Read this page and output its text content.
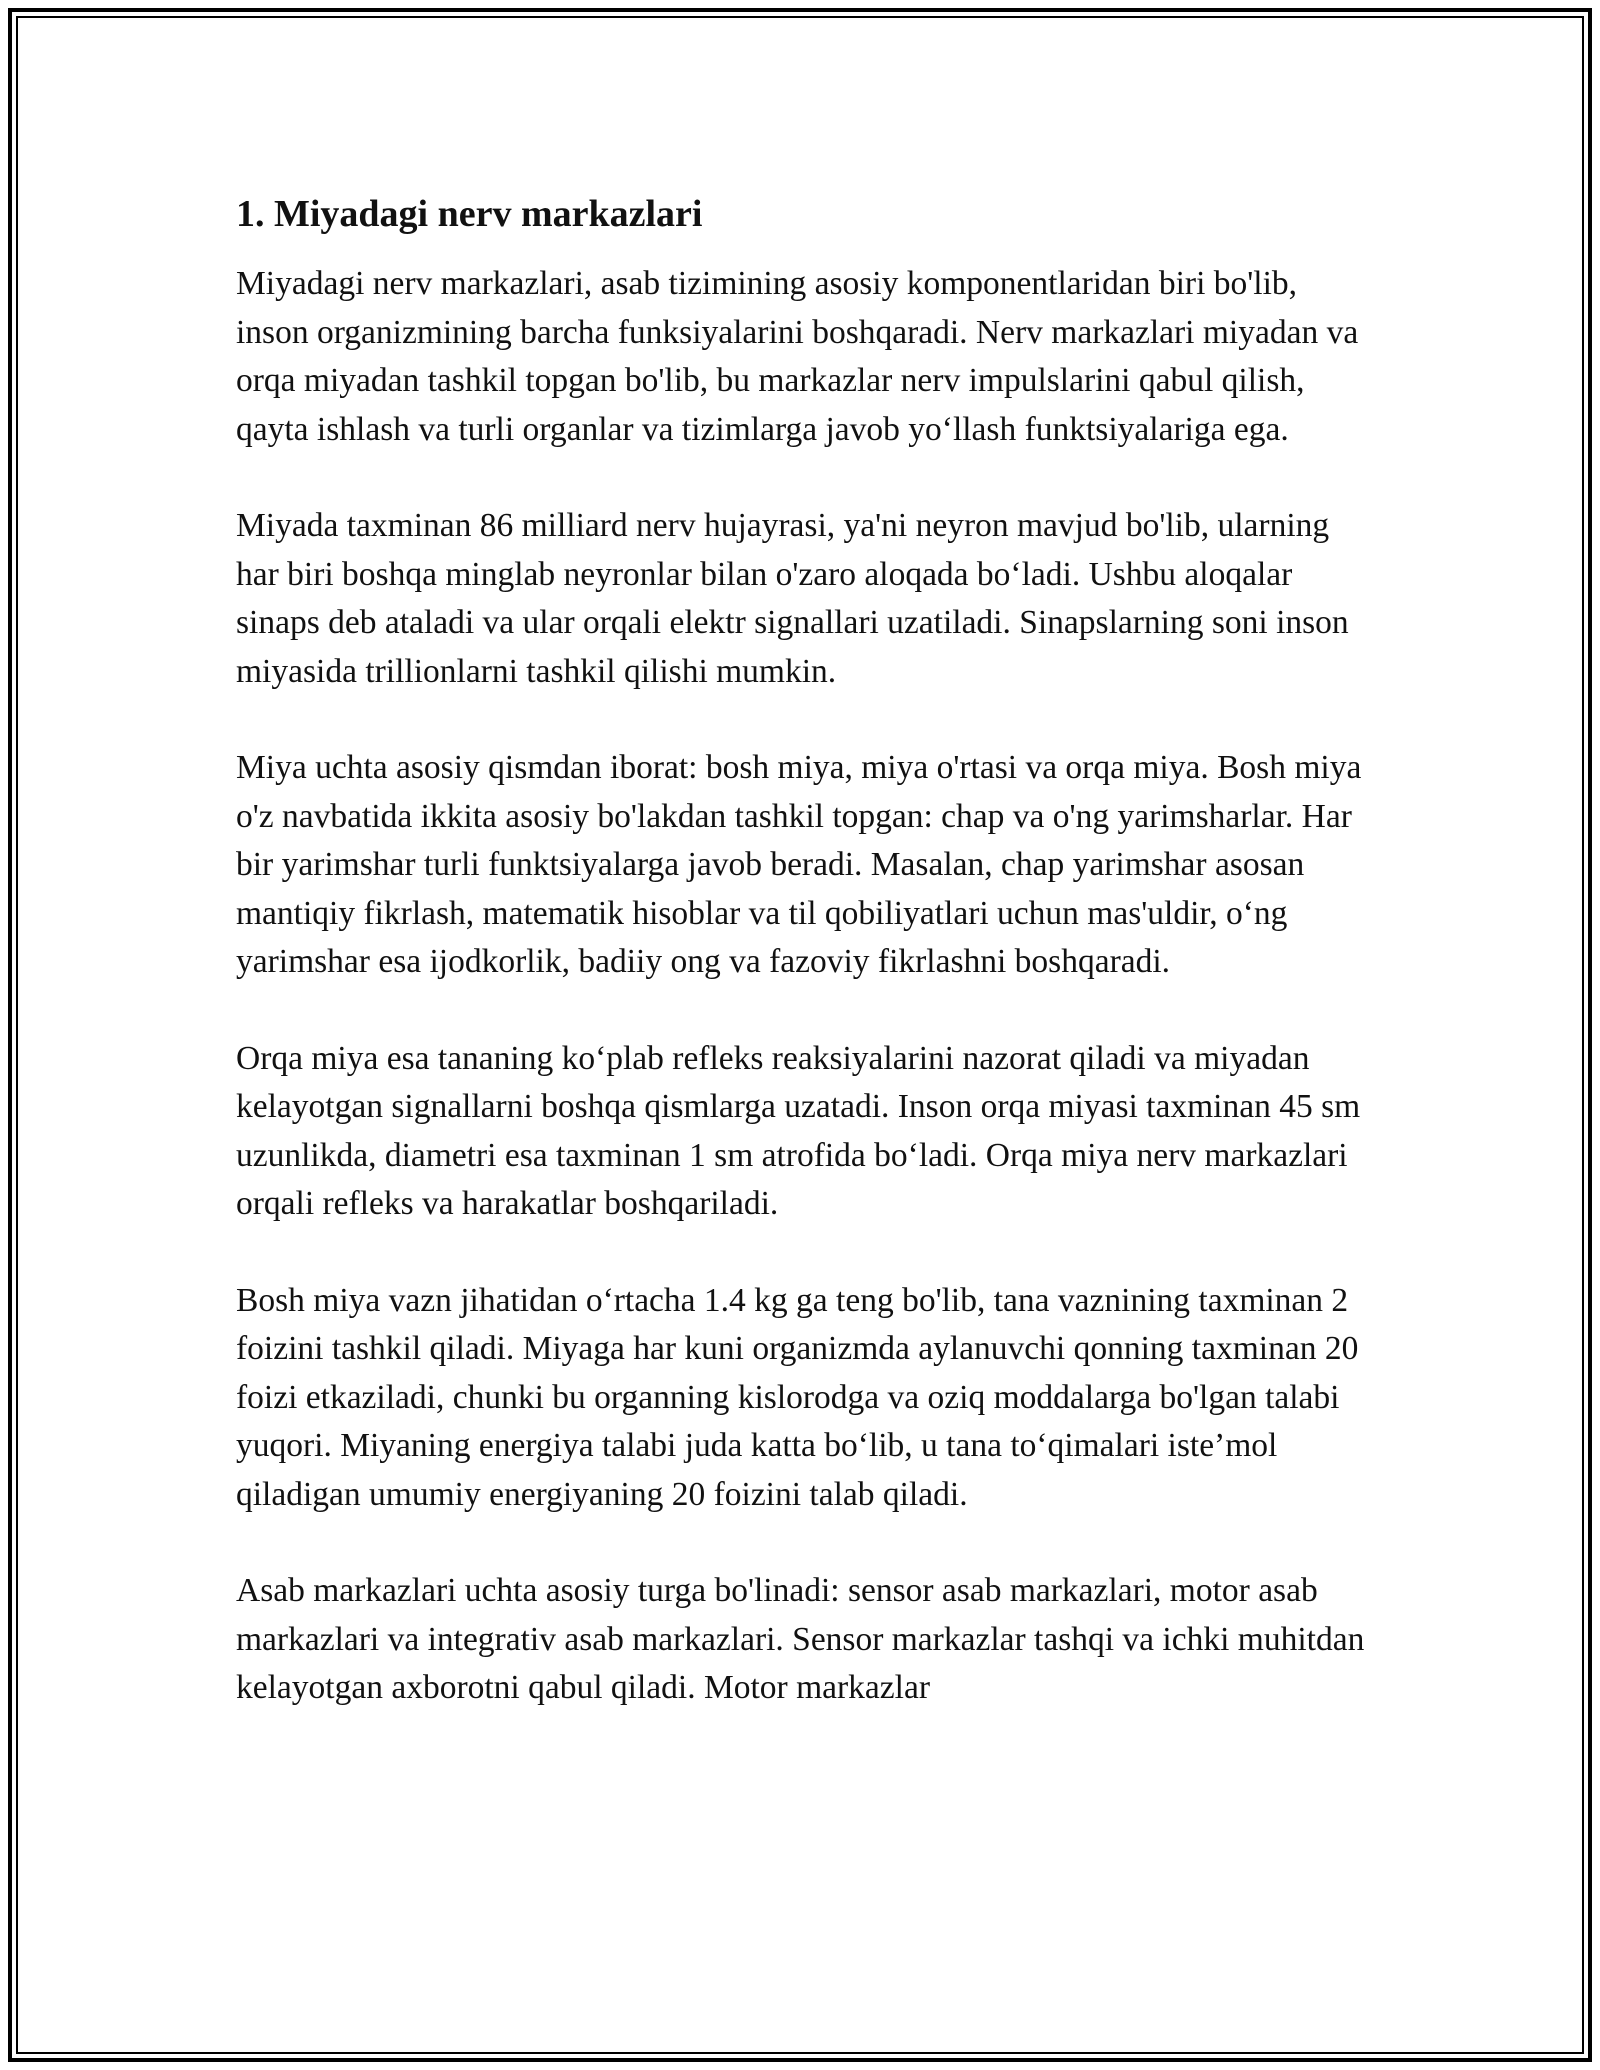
1. Miyadagi nerv markazlari

Miyadagi nerv markazlari, asab tizimining asosiy komponentlaridan biri bo'lib, inson organizmining barcha funksiyalarini boshqaradi. Nerv markazlari miyadan va orqa miyadan tashkil topgan bo'lib, bu markazlar nerv impulslarini qabul qilish, qayta ishlash va turli organlar va tizimlarga javob yo‘llash funktsiyalariga ega.

Miyada taxminan 86 milliard nerv hujayrasi, ya'ni neyron mavjud bo'lib, ularning har biri boshqa minglab neyronlar bilan o'zaro aloqada bo‘ladi. Ushbu aloqalar sinaps deb ataladi va ular orqali elektr signallari uzatiladi. Sinapslarning soni inson miyasida trillionlarni tashkil qilishi mumkin.

Miya uchta asosiy qismdan iborat: bosh miya, miya o'rtasi va orqa miya. Bosh miya o'z navbatida ikkita asosiy bo'lakdan tashkil topgan: chap va o'ng yarimsharlar. Har bir yarimshar turli funktsiyalarga javob beradi. Masalan, chap yarimshar asosan mantiqiy fikrlash, matematik hisoblar va til qobiliyatlari uchun mas'uldir, o‘ng yarimshar esa ijodkorlik, badiiy ong va fazoviy fikrlashni boshqaradi.

Orqa miya esa tananing ko‘plab refleks reaksiyalarini nazorat qiladi va miyadan kelayotgan signallarni boshqa qismlarga uzatadi. Inson orqa miyasi taxminan 45 sm uzunlikda, diametri esa taxminan 1 sm atrofida bo‘ladi. Orqa miya nerv markazlari orqali refleks va harakatlar boshqariladi.

Bosh miya vazn jihatidan o‘rtacha 1.4 kg ga teng bo'lib, tana vaznining taxminan 2 foizini tashkil qiladi. Miyaga har kuni organizmda aylanuvchi qonning taxminan 20 foizi etkaziladi, chunki bu organning kislorodga va oziq moddalarga bo'lgan talabi yuqori. Miyaning energiya talabi juda katta bo‘lib, u tana to‘qimalari iste’mol qiladigan umumiy energiyaning 20 foizini talab qiladi.

Asab markazlari uchta asosiy turga bo'linadi: sensor asab markazlari, motor asab markazlari va integrativ asab markazlari. Sensor markazlar tashqi va ichki muhitdan kelayotgan axborotni qabul qiladi. Motor markazlar
